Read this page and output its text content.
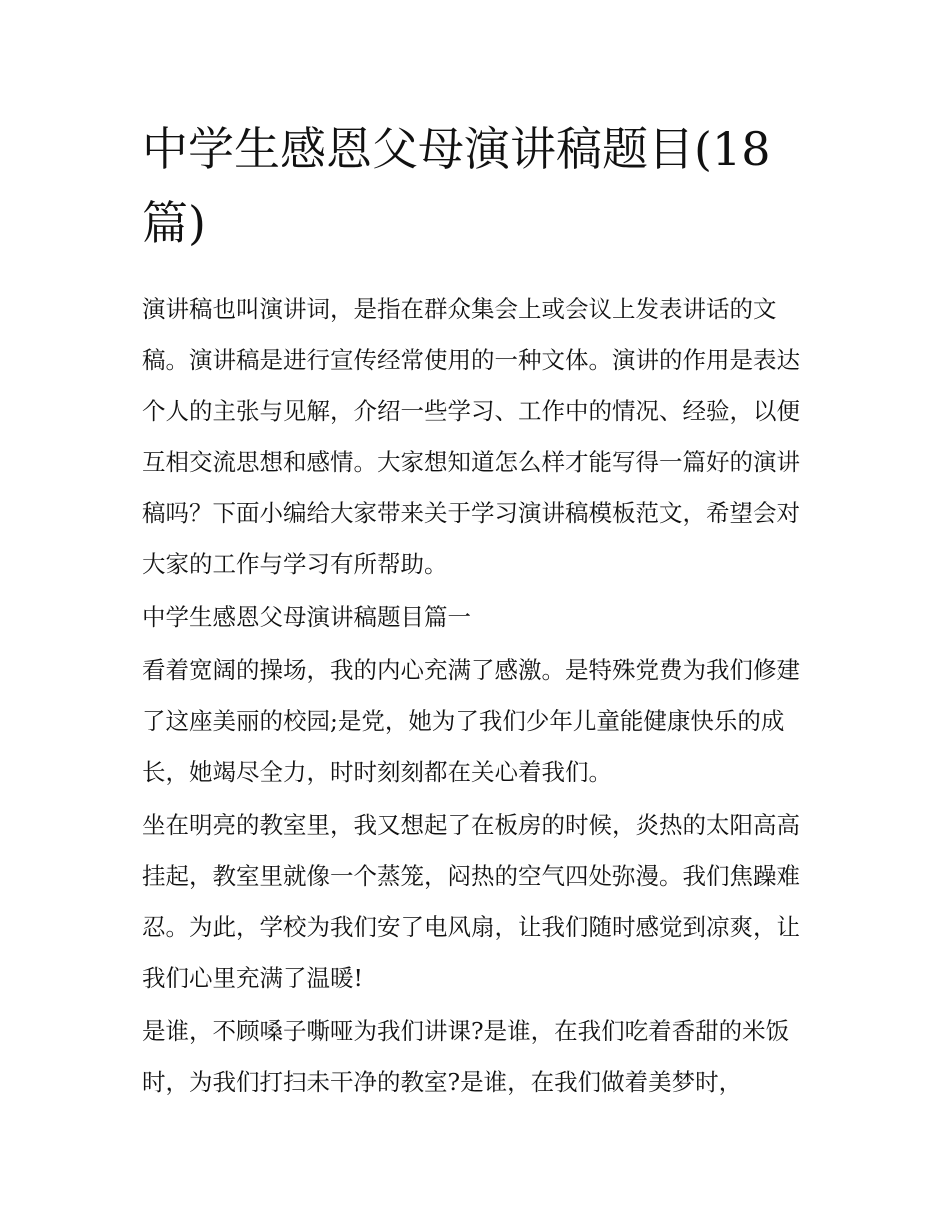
中学生感恩父母演讲稿题目(18篇)

演讲稿也叫演讲词，是指在群众集会上或会议上发表讲话的文稿。演讲稿是进行宣传经常使用的一种文体。演讲的作用是表达个人的主张与见解，介绍一些学习、工作中的情况、经验，以便互相交流思想和感情。大家想知道怎么样才能写得一篇好的演讲稿吗？下面小编给大家带来关于学习演讲稿模板范文，希望会对大家的工作与学习有所帮助。

中学生感恩父母演讲稿题目篇一

看着宽阔的操场，我的内心充满了感激。是特殊党费为我们修建了这座美丽的校园;是党，她为了我们少年儿童能健康快乐的成长，她竭尽全力，时时刻刻都在关心着我们。

坐在明亮的教室里，我又想起了在板房的时候，炎热的太阳高高挂起，教室里就像一个蒸笼，闷热的空气四处弥漫。我们焦躁难忍。为此，学校为我们安了电风扇，让我们随时感觉到凉爽，让我们心里充满了温暖!

是谁，不顾嗓子嘶哑为我们讲课?是谁，在我们吃着香甜的米饭时，为我们打扫未干净的教室?是谁，在我们做着美梦时，
